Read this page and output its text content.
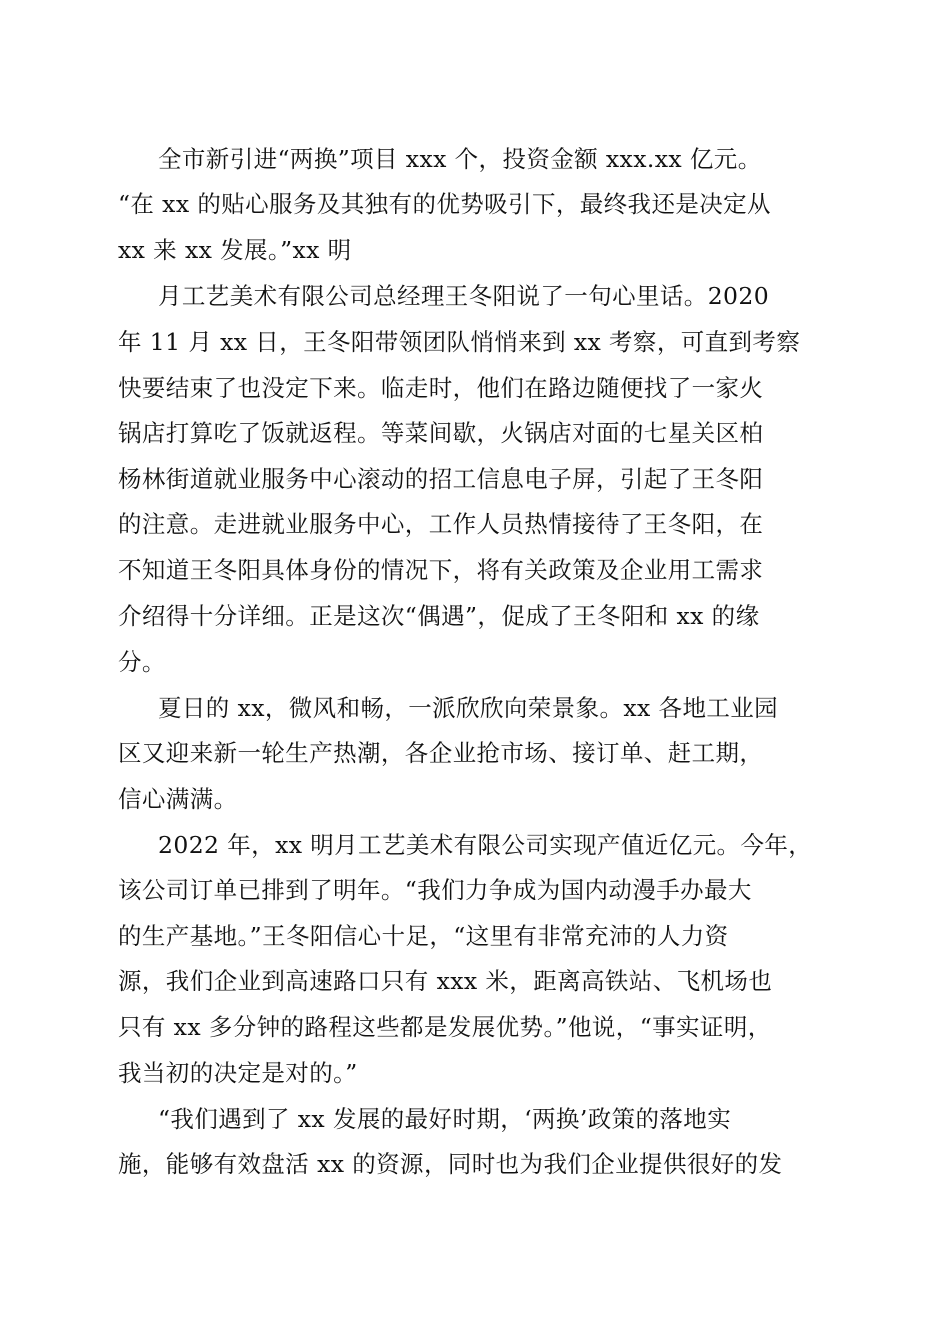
全市新引进“两换”项目 xxx 个，投资金额 xxx.xx 亿元。
“在 xx 的贴心服务及其独有的优势吸引下，最终我还是决定从
xx 来 xx 发展。”xx 明
月工艺美术有限公司总经理王冬阳说了一句心里话。2020
年 11 月 xx 日，王冬阳带领团队悄悄来到 xx 考察，可直到考察
快要结束了也没定下来。临走时，他们在路边随便找了一家火
锅店打算吃了饭就返程。等菜间歇，火锅店对面的七星关区柏
杨林街道就业服务中心滚动的招工信息电子屏，引起了王冬阳
的注意。走进就业服务中心，工作人员热情接待了王冬阳，在
不知道王冬阳具体身份的情况下，将有关政策及企业用工需求
介绍得十分详细。正是这次“偶遇”，促成了王冬阳和 xx 的缘
分。
夏日的 xx，微风和畅，一派欣欣向荣景象。xx 各地工业园
区又迎来新一轮生产热潮，各企业抢市场、接订单、赶工期，
信心满满。
2022 年，xx 明月工艺美术有限公司实现产值近亿元。今年，
该公司订单已排到了明年。“我们力争成为国内动漫手办最大
的生产基地。”王冬阳信心十足，“这里有非常充沛的人力资
源，我们企业到高速路口只有 xxx 米，距离高铁站、飞机场也
只有 xx 多分钟的路程这些都是发展优势。”他说，“事实证明，
我当初的决定是对的。”
“我们遇到了 xx 发展的最好时期，‘两换’政策的落地实
施，能够有效盘活 xx 的资源，同时也为我们企业提供很好的发
